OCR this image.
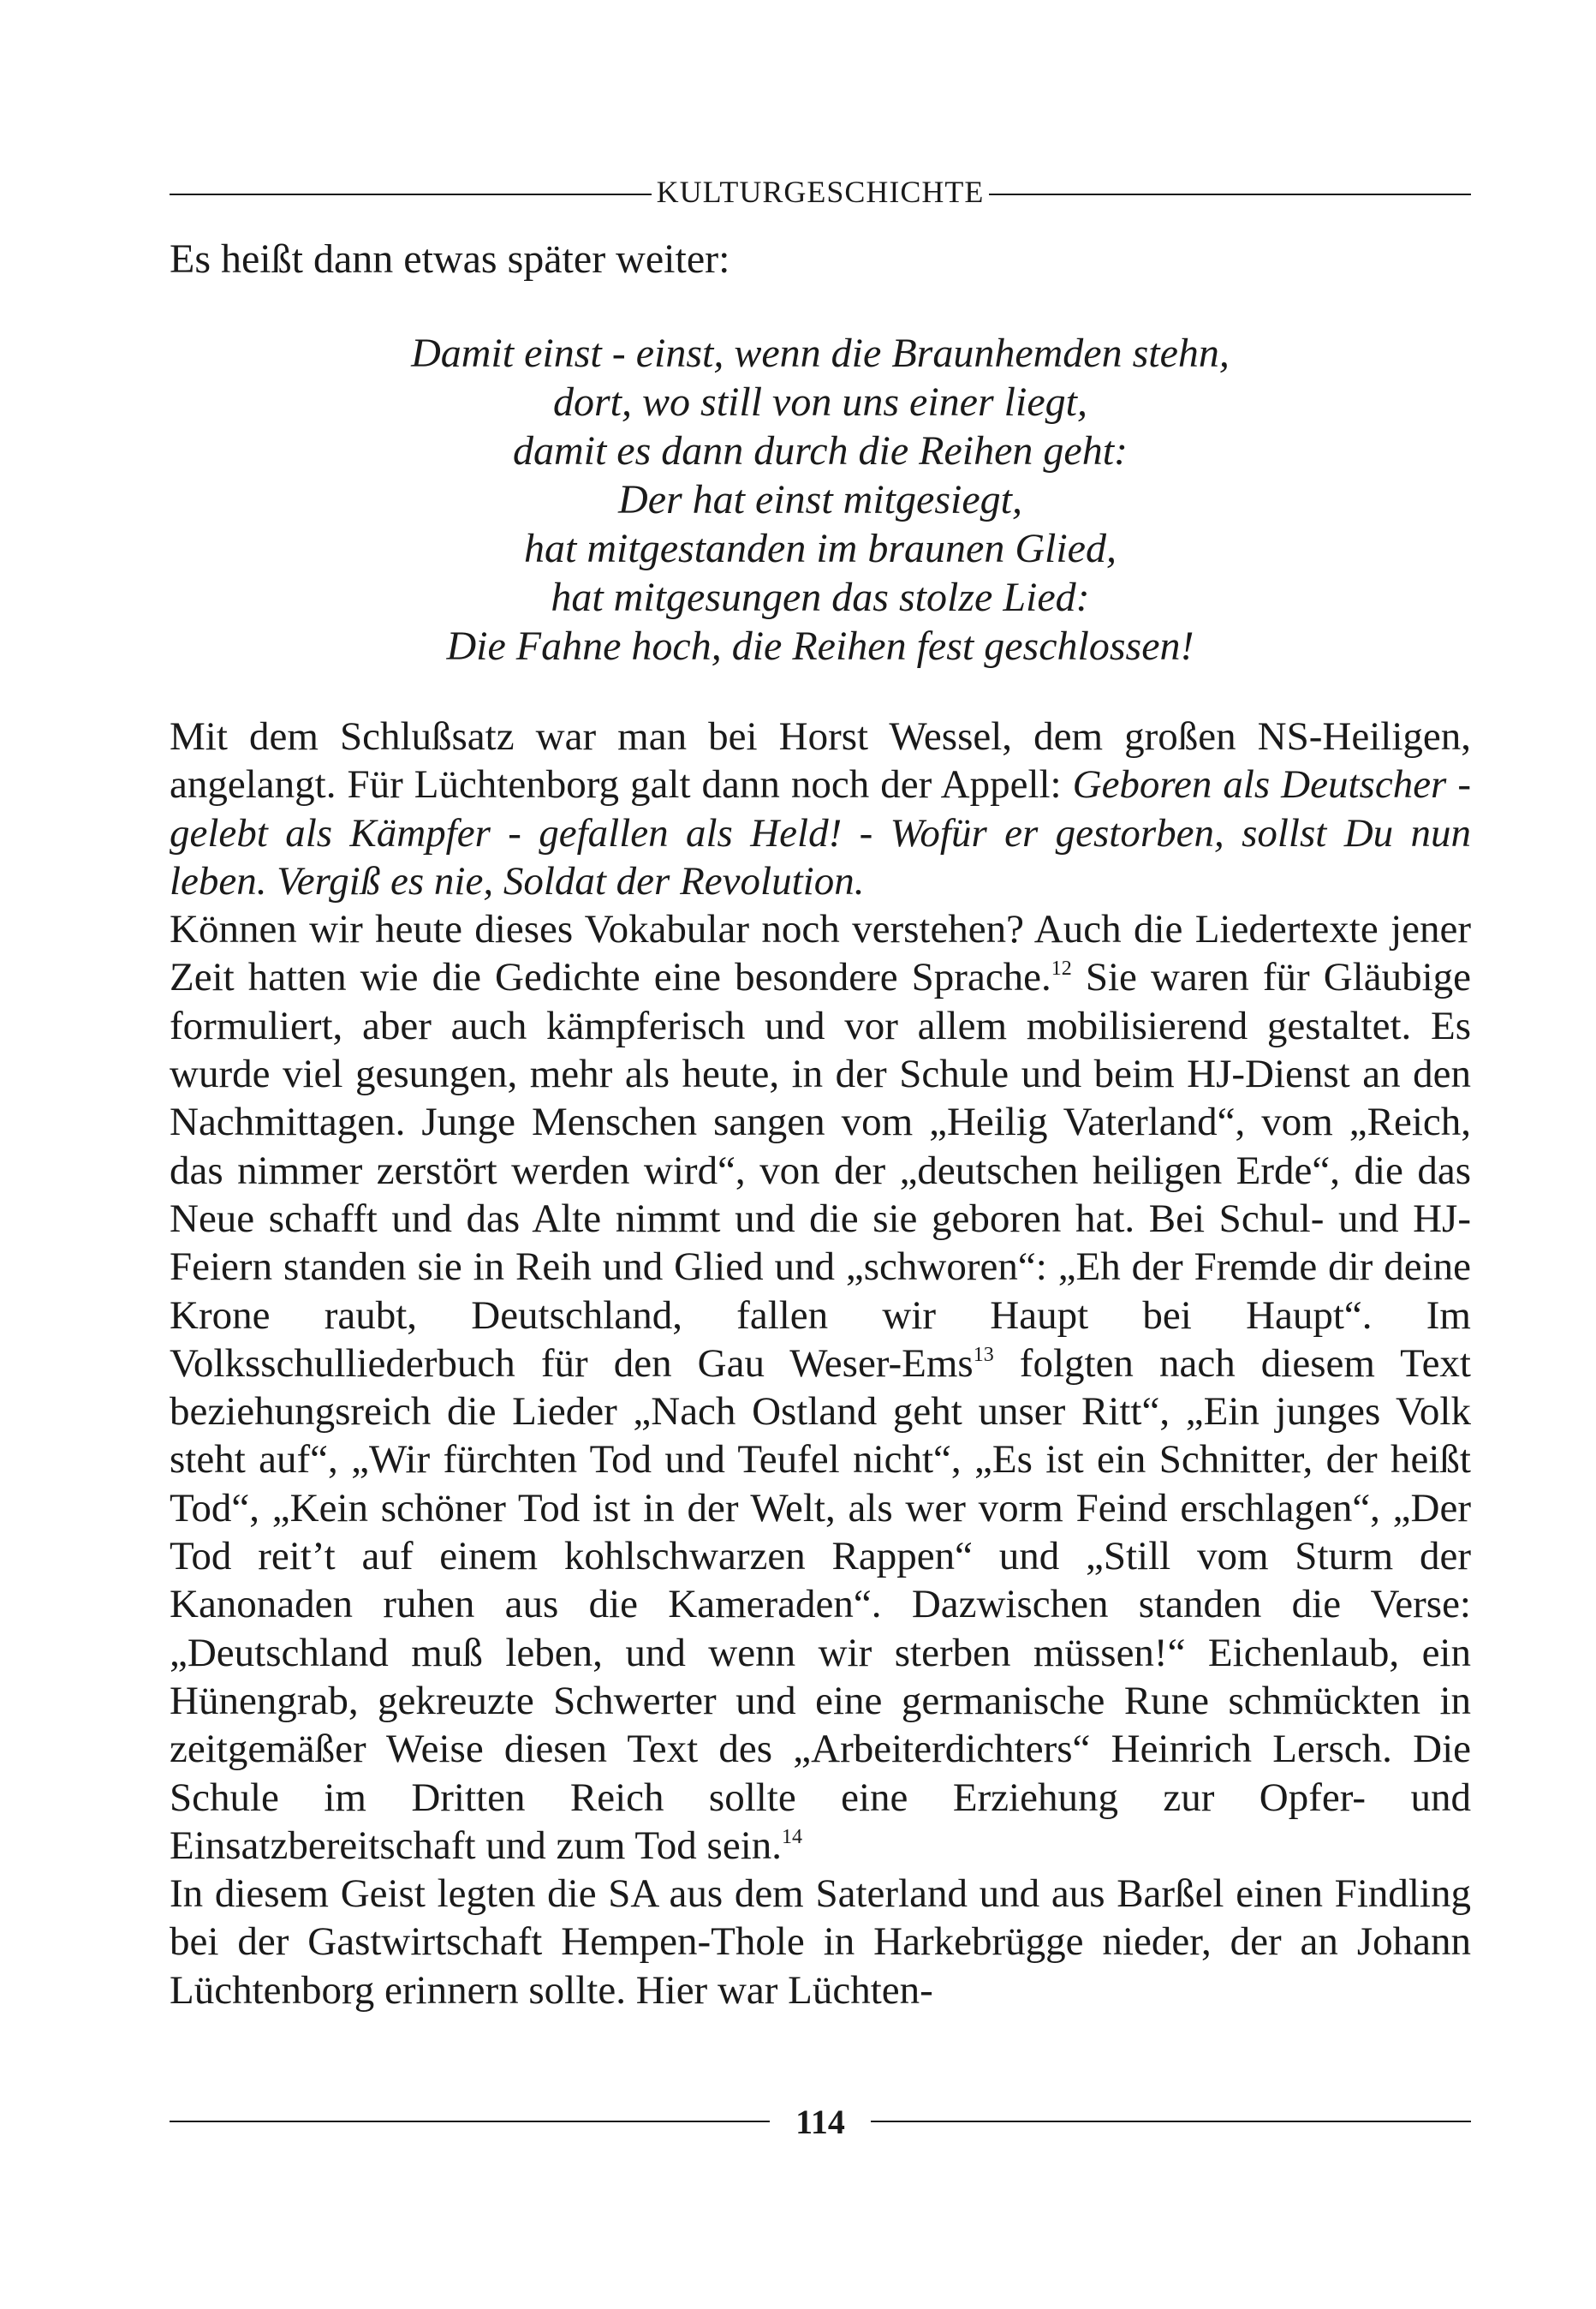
KULTURGESCHICHTE
Es heißt dann etwas später weiter:
Damit einst - einst, wenn die Braunhemden stehn,
dort, wo still von uns einer liegt,
damit es dann durch die Reihen geht:
Der hat einst mitgesiegt,
hat mitgestanden im braunen Glied,
hat mitgesungen das stolze Lied:
Die Fahne hoch, die Reihen fest geschlossen!

Mit dem Schlußsatz war man bei Horst Wessel, dem großen NS-Heiligen, angelangt. Für Lüchtenborg galt dann noch der Appell: Geboren als Deutscher - gelebt als Kämpfer - gefallen als Held! - Wofür er gestorben, sollst Du nun leben. Vergiß es nie, Soldat der Revolution.

Können wir heute dieses Vokabular noch verstehen? Auch die Liedertexte jener Zeit hatten wie die Gedichte eine besondere Sprache.$^{12}$ Sie waren für Gläubige formuliert, aber auch kämpferisch und vor allem mobilisierend gestaltet. Es wurde viel gesungen, mehr als heute, in der Schule und beim HJ-Dienst an den Nachmittagen. Junge Menschen sangen vom „Heilig Vaterland“, vom „Reich, das nimmer zerstört werden wird“, von der „deutschen heiligen Erde“, die das Neue schafft und das Alte nimmt und die sie geboren hat. Bei Schul- und HJ-Feiern standen sie in Reih und Glied und „schworen“: „Eh der Fremde dir deine Krone raubt, Deutschland, fallen wir Haupt bei Haupt“. Im Volksschulliederbuch für den Gau Weser-Ems$^{13}$ folgten nach diesem Text beziehungsreich die Lieder „Nach Ostland geht unser Ritt“, „Ein junges Volk steht auf“, „Wir fürchten Tod und Teufel nicht“, „Es ist ein Schnitter, der heißt Tod“, „Kein schöner Tod ist in der Welt, als wer vorm Feind erschlagen“, „Der Tod reit’t auf einem kohlschwarzen Rappen“ und „Still vom Sturm der Kanonaden ruhen aus die Kameraden“. Dazwischen standen die Verse: „Deutschland muß leben, und wenn wir sterben müssen!“ Eichenlaub, ein Hünengrab, gekreuzte Schwerter und eine germanische Rune schmückten in zeitgemäßer Weise diesen Text des „Arbeiterdichters“ Heinrich Lersch. Die Schule im Dritten Reich sollte eine Erziehung zur Opfer- und Einsatzbereitschaft und zum Tod sein.$^{14}$

In diesem Geist legten die SA aus dem Saterland und aus Barßel einen Findling bei der Gastwirtschaft Hempen-Thole in Harkebrügge nieder, der an Johann Lüchtenborg erinnern sollte. Hier war Lüchten-

114
